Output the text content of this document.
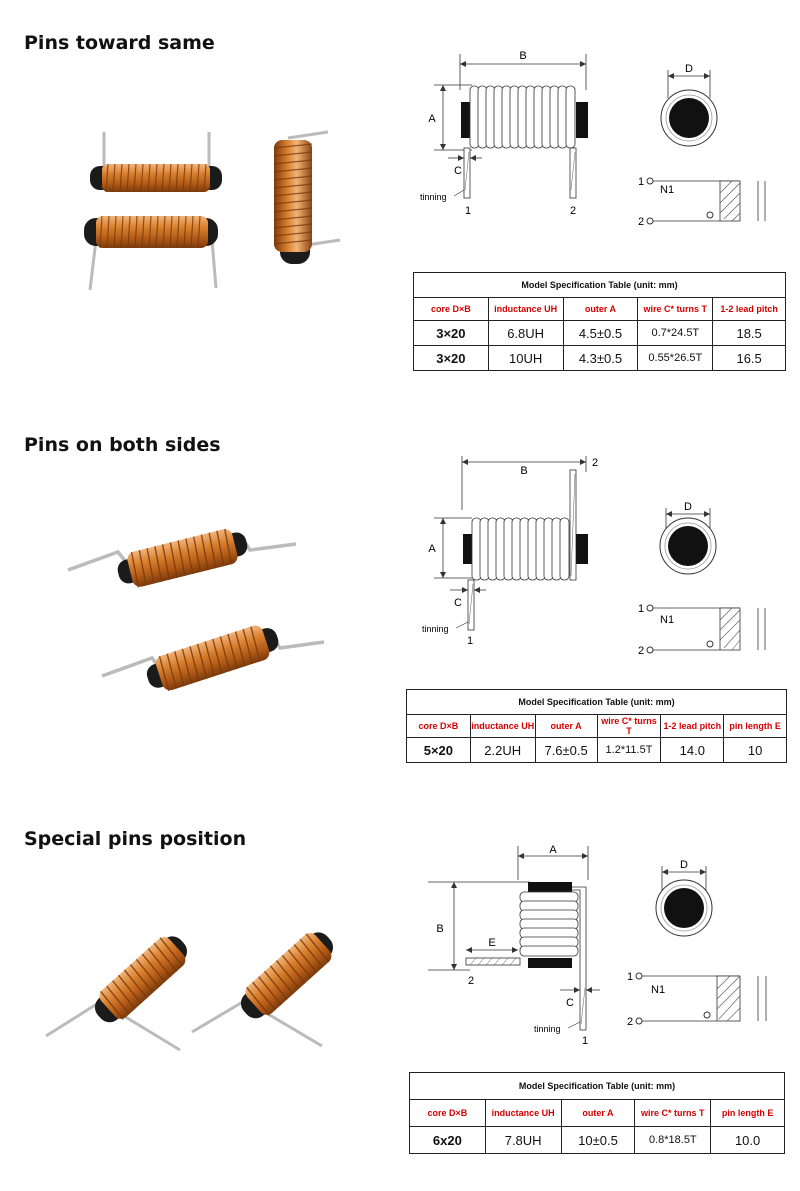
Pins toward same
B
A
C
tinning
1	2
D
1
2
N1
Model Specification Table (unit: mm)				
core D×B	inductance UH	outer A	wire C* turns T	1-2 lead pitch
3×20	6.8UH	4.5±0.5	0.7*24.5T	18.5
3×20	10UH	4.3±0.5	0.55*26.5T	16.5
Pins on both sides
B
2
A
C
tinning
1
D
1
2
N1
Model Specification Table (unit: mm)					
core D×B	inductance UH	outer A	wire C* turns T	1-2 lead pitch	pin length E
5×20	2.2UH	7.6±0.5	1.2*11.5T	14.0	10
Special pins position	A
B
E
2
C
tinning
1
D
1
2
N1
Model Specification Table (unit: mm)				
core D×B	inductance UH	outer A	wire C* turns T	pin length E
6x20	7.8UH	10±0.5	0.8*18.5T	10.0
